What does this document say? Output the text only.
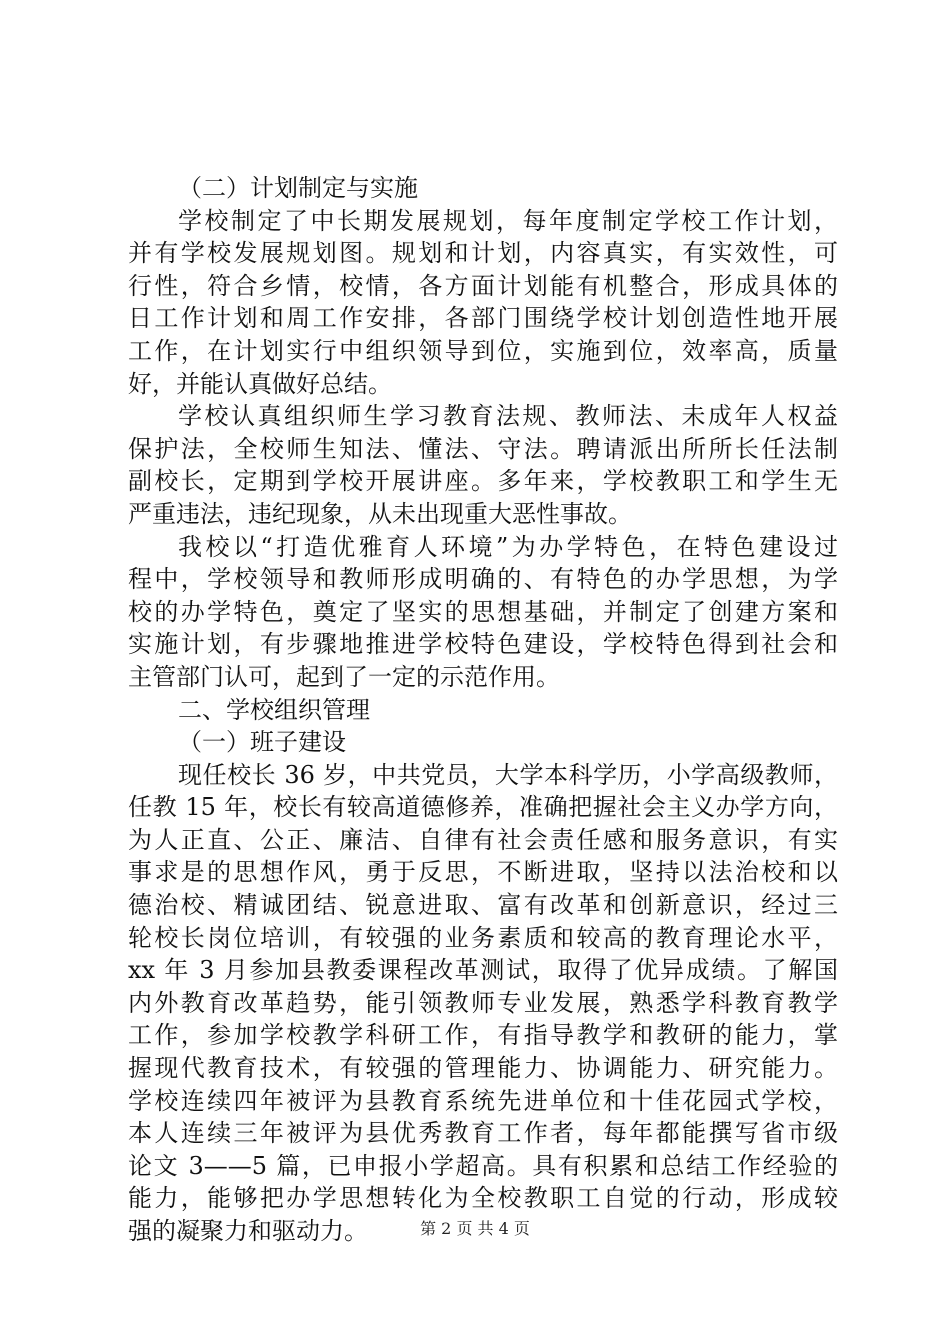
（二）计划制定与实施
学校制定了中长期发展规划，每年度制定学校工作计划，
并有学校发展规划图。规划和计划，内容真实，有实效性，可
行性，符合乡情，校情，各方面计划能有机整合，形成具体的
日工作计划和周工作安排，各部门围绕学校计划创造性地开展
工作，在计划实行中组织领导到位，实施到位，效率高，质量
好，并能认真做好总结。
学校认真组织师生学习教育法规、教师法、未成年人权益
保护法，全校师生知法、懂法、守法。聘请派出所所长任法制
副校长，定期到学校开展讲座。多年来，学校教职工和学生无
严重违法，违纪现象，从未出现重大恶性事故。
我校以“打造优雅育人环境”为办学特色，在特色建设过
程中，学校领导和教师形成明确的、有特色的办学思想，为学
校的办学特色，奠定了坚实的思想基础，并制定了创建方案和
实施计划，有步骤地推进学校特色建设，学校特色得到社会和
主管部门认可，起到了一定的示范作用。
二、学校组织管理
（一）班子建设
现任校长 36 岁，中共党员，大学本科学历，小学高级教师，
任教 15 年，校长有较高道德修养，准确把握社会主义办学方向，
为人正直、公正、廉洁、自律有社会责任感和服务意识，有实
事求是的思想作风，勇于反思，不断进取，坚持以法治校和以
德治校、精诚团结、锐意进取、富有改革和创新意识，经过三
轮校长岗位培训，有较强的业务素质和较高的教育理论水平，
xx 年 3 月参加县教委课程改革测试，取得了优异成绩。了解国
内外教育改革趋势，能引领教师专业发展，熟悉学科教育教学
工作，参加学校教学科研工作，有指导教学和教研的能力，掌
握现代教育技术，有较强的管理能力、协调能力、研究能力。
学校连续四年被评为县教育系统先进单位和十佳花园式学校，
本人连续三年被评为县优秀教育工作者，每年都能撰写省市级
论文 3——5 篇，已申报小学超高。具有积累和总结工作经验的
能力，能够把办学思想转化为全校教职工自觉的行动，形成较
强的凝聚力和驱动力。	第 2 页 共 4 页
